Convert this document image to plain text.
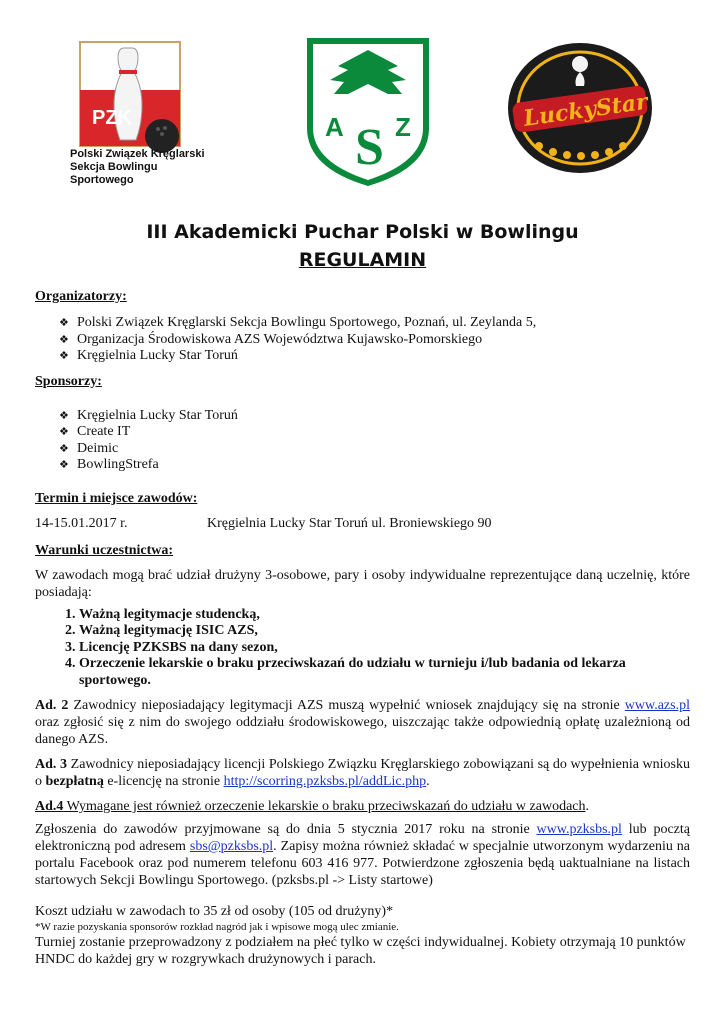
PZK
Polski Związek Kręglarski
Sekcja Bowlingu Sportowego
A S Z	LuckyStar
III Akademicki Puchar Polski w Bowlingu
REGULAMIN

Organizatorzy:

❖ Polski Związek Kręglarski Sekcja Bowlingu Sportowego, Poznań, ul. Zeylanda 5,
❖ Organizacja Środowiskowa AZS Województwa Kujawsko-Pomorskiego
❖ Kręgielnia Lucky Star Toruń

Sponsorzy:

❖ Kręgielnia Lucky Star Toruń
❖ Create IT
❖ Deimic
❖ BowlingStrefa

Termin i miejsce zawodów:

14-15.01.2017 r.	Kręgielnia Lucky Star Toruń ul. Broniewskiego 90

Warunki uczestnictwa:

W zawodach mogą brać udział drużyny 3-osobowe, pary i osoby indywidualne reprezentujące daną uczelnię, które posiadają:

1. Ważną legitymacje studencką,
2. Ważną legitymację ISIC AZS,
3. Licencję PZKSBS na dany sezon,
4. Orzeczenie lekarskie o braku przeciwskazań do udziału w turnieju i/lub badania od lekarza sportowego.

Ad. 2 Zawodnicy nieposiadający legitymacji AZS muszą wypełnić wniosek znajdujący się na stronie www.azs.pl oraz zgłosić się z nim do swojego oddziału środowiskowego, uiszczając także odpowiednią opłatę uzależnioną od danego AZS.

Ad. 3 Zawodnicy nieposiadający licencji Polskiego Związku Kręglarskiego zobowiązani są do wypełnienia wniosku o bezpłatną e-licencję na stronie http://scorring.pzksbs.pl/addLic.php.

Ad.4 Wymagane jest również orzeczenie lekarskie o braku przeciwskazań do udziału w zawodach.

Zgłoszenia do zawodów przyjmowane są do dnia 5 stycznia 2017 roku na stronie www.pzksbs.pl lub pocztą elektroniczną pod adresem sbs@pzksbs.pl. Zapisy można również składać w specjalnie utworzonym wydarzeniu na portalu Facebook oraz pod numerem telefonu 603 416 977. Potwierdzone zgłoszenia będą uaktualniane na listach startowych Sekcji Bowlingu Sportowego. (pzksbs.pl -> Listy startowe)

Koszt udziału w zawodach to 35 zł od osoby (105 od drużyny)*

*W razie pozyskania sponsorów rozkład nagród jak i wpisowe mogą ulec zmianie.

Turniej zostanie przeprowadzony z podziałem na płeć tylko w części indywidualnej. Kobiety otrzymają 10 punktów HNDC do każdej gry w rozgrywkach drużynowych i parach.
